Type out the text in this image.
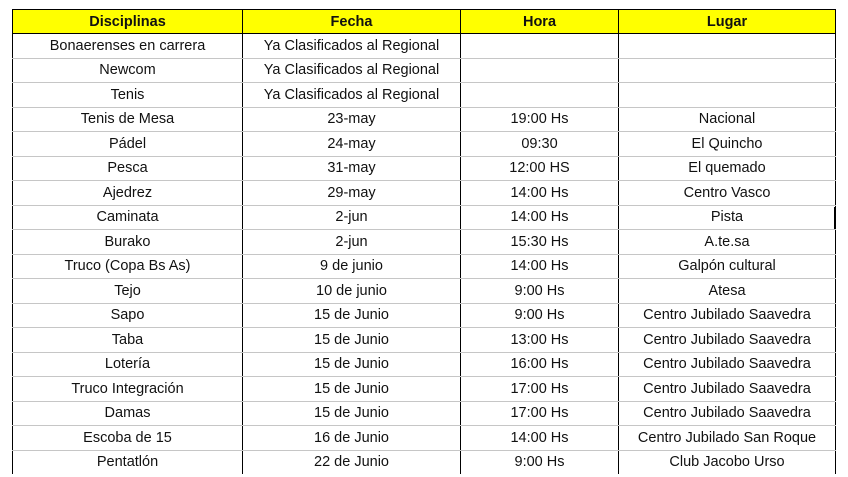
Disciplinas	Fecha	Hora	Lugar
Bonaerenses en carrera	Ya Clasificados al Regional		
Newcom	Ya Clasificados al Regional		
Tenis	Ya Clasificados al Regional		
Tenis de Mesa	23-may	19:00 Hs	Nacional
Pádel	24-may	09:30	El Quincho
Pesca	31-may	12:00 HS	El quemado
Ajedrez	29-may	14:00 Hs	Centro Vasco
Caminata	2-jun	14:00 Hs	Pista
Burako	2-jun	15:30 Hs	A.te.sa
Truco (Copa Bs As)	9 de junio	14:00 Hs	Galpón cultural
Tejo	10 de junio	9:00 Hs	Atesa
Sapo	15 de Junio	9:00 Hs	Centro Jubilado Saavedra
Taba	15 de Junio	13:00 Hs	Centro Jubilado Saavedra
Lotería	15 de Junio	16:00 Hs	Centro Jubilado Saavedra
Truco Integración	15 de Junio	17:00 Hs	Centro Jubilado Saavedra
Damas	15 de Junio	17:00 Hs	Centro Jubilado Saavedra
Escoba de 15	16 de Junio	14:00 Hs	Centro Jubilado San Roque
Pentatlón	22 de Junio	9:00 Hs	Club Jacobo Urso
